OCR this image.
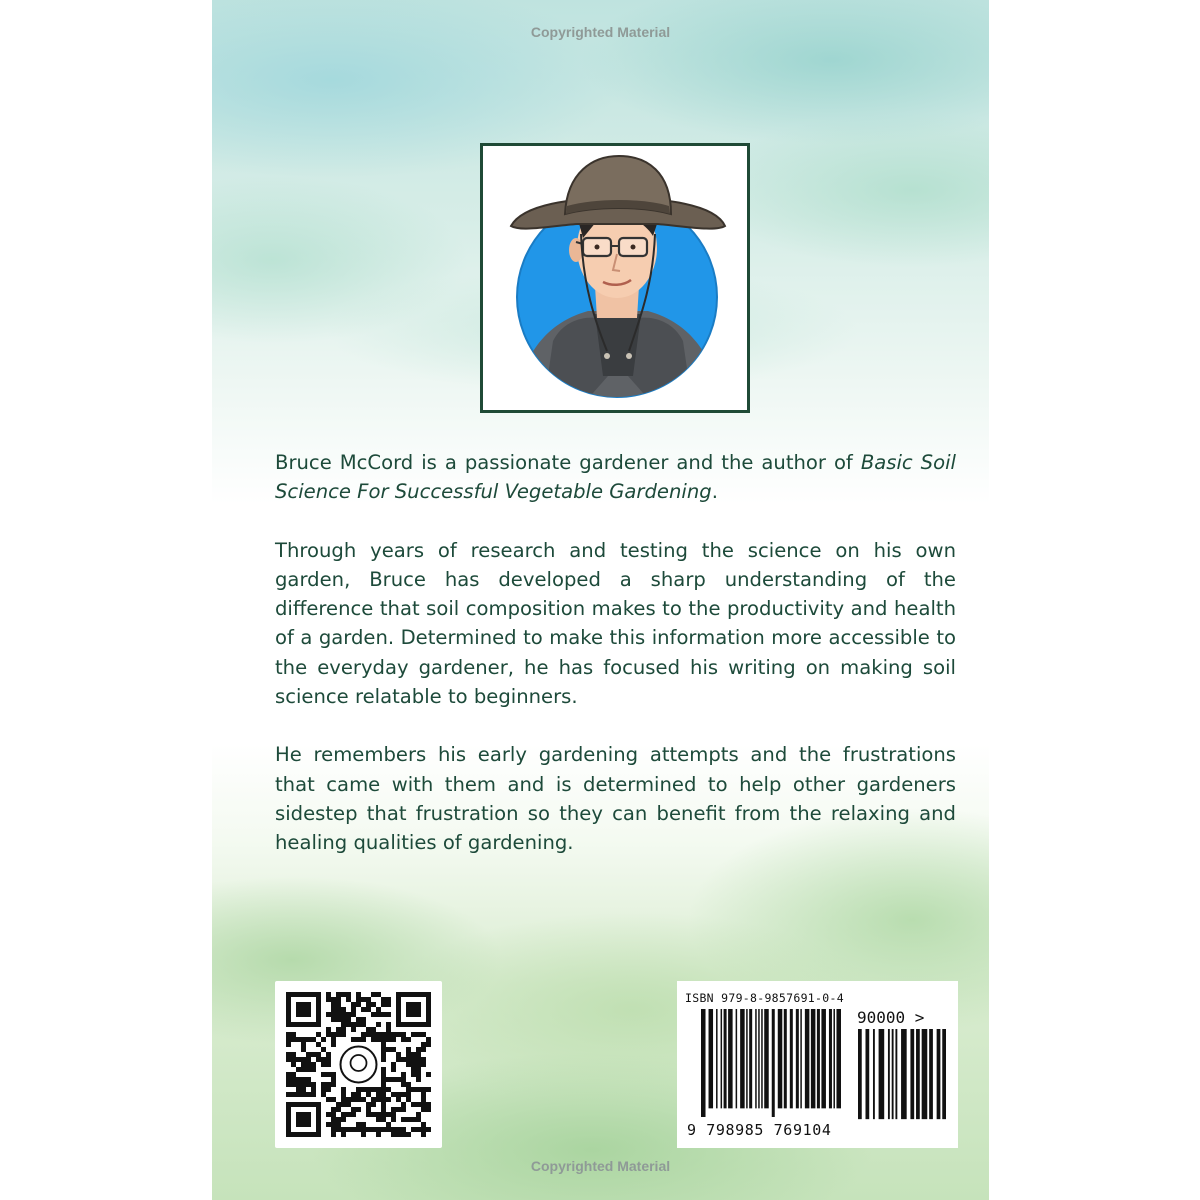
Copyrighted Material

Bruce McCord is a passionate gardener and the author of Basic Soil Science For Successful Vegetable Gardening.

Through years of research and testing the science on his own garden, Bruce has developed a sharp understanding of the difference that soil composition makes to the productivity and health of a garden. Determined to make this information more accessible to the everyday gardener, he has focused his writing on making soil science relatable to beginners.

He remembers his early gardening attempts and the frustrations that came with them and is determined to help other gardeners sidestep that frustration so they can benefit from the relaxing and healing qualities of gardening.

ISBN 979-8-9857691-0-4
90000 >
9 798985 769104
Copyrighted Material
